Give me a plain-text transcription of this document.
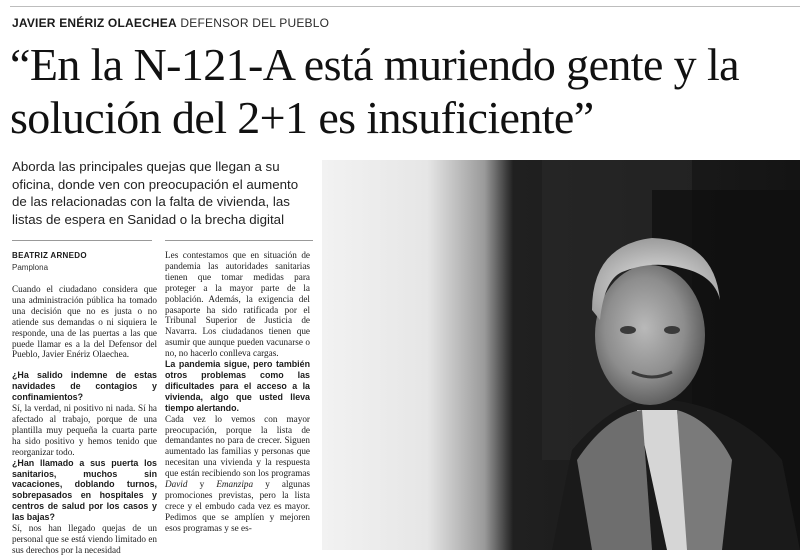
JAVIER ENÉRIZ OLAECHEA DEFENSOR DEL PUEBLO
“En la N-121-A está muriendo gente y la solución del 2+1 es insuficiente”

Aborda las principales quejas que llegan a su oficina, donde ven con preocupación el aumento de las relacionadas con la falta de vivienda, las listas de espera en Sanidad o la brecha digital

BEATRIZ ARNEDO
Pamplona

Cuando el ciudadano considera que una administración pública ha tomado una decisión que no es justa o no atiende sus demandas o ni siquiera le responde, una de las puertas a las que puede llamar es a la del Defensor del Pueblo, Javier Enériz Olaechea.

¿Ha salido indemne de estas navidades de contagios y confinamientos?

Sí, la verdad, ni positivo ni nada. Sí ha afectado al trabajo, porque de una plantilla muy pequeña la cuarta parte ha sido positivo y hemos tenido que reorganizar todo.

¿Han llamado a sus puerta los sanitarios, muchos sin vacaciones, doblando turnos, sobrepasados en hospitales y centros de salud por los casos y las bajas?

Sí, nos han llegado quejas de un personal que se está viendo limitado en sus derechos por la necesidad

Les contestamos que en situación de pandemia las autoridades sanitarias tienen que tomar medidas para proteger a la mayor parte de la población. Además, la exigencia del pasaporte ha sido ratificada por el Tribunal Superior de Justicia de Navarra. Los ciudadanos tienen que asumir que aunque pueden vacunarse o no, no hacerlo conlleva cargas.

La pandemia sigue, pero también otros problemas como las dificultades para el acceso a la vivienda, algo que usted lleva tiempo alertando.

Cada vez lo vemos con mayor preocupación, porque la lista de demandantes no para de crecer. Siguen aumentado las familias y personas que necesitan una vivienda y la respuesta que están recibiendo son los programas David y Emanzipa y algunas promociones previstas, pero la lista crece y el embudo cada vez es mayor. Pedimos que se amplíen y mejoren esos programas y se es-
